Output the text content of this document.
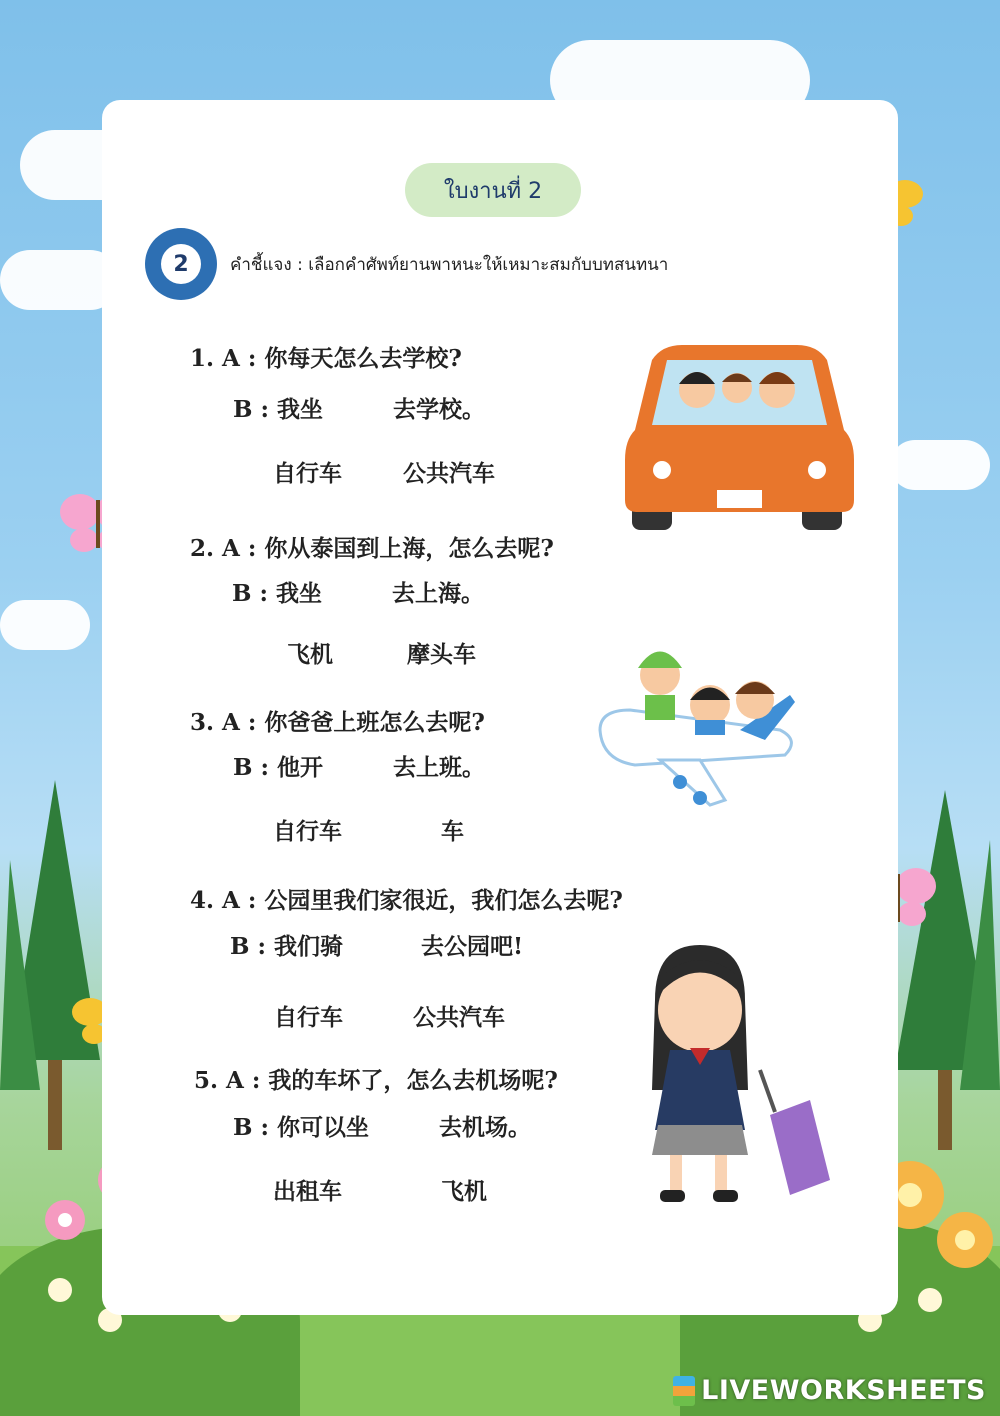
ใบงานที่ 2
2	คำชี้แจง : เลือกคำศัพท์ยานพาหนะให้เหมาะสมกับบทสนทนา
1. A : 你每天怎么去学校?
B : 我坐	去学校。
自行车	公共汽车
2. A : 你从泰国到上海，怎么去呢?
B : 我坐	去上海。
飞机	摩头车
3. A : 你爸爸上班怎么去呢?
B : 他开	去上班。
自行车	车
4. A : 公园里我们家很近，我们怎么去呢?
B : 我们骑	去公园吧!
自行车	公共汽车
5. A : 我的车坏了，怎么去机场呢?
B : 你可以坐	去机场。
出租车	飞机
LIVEWORKSHEETS
